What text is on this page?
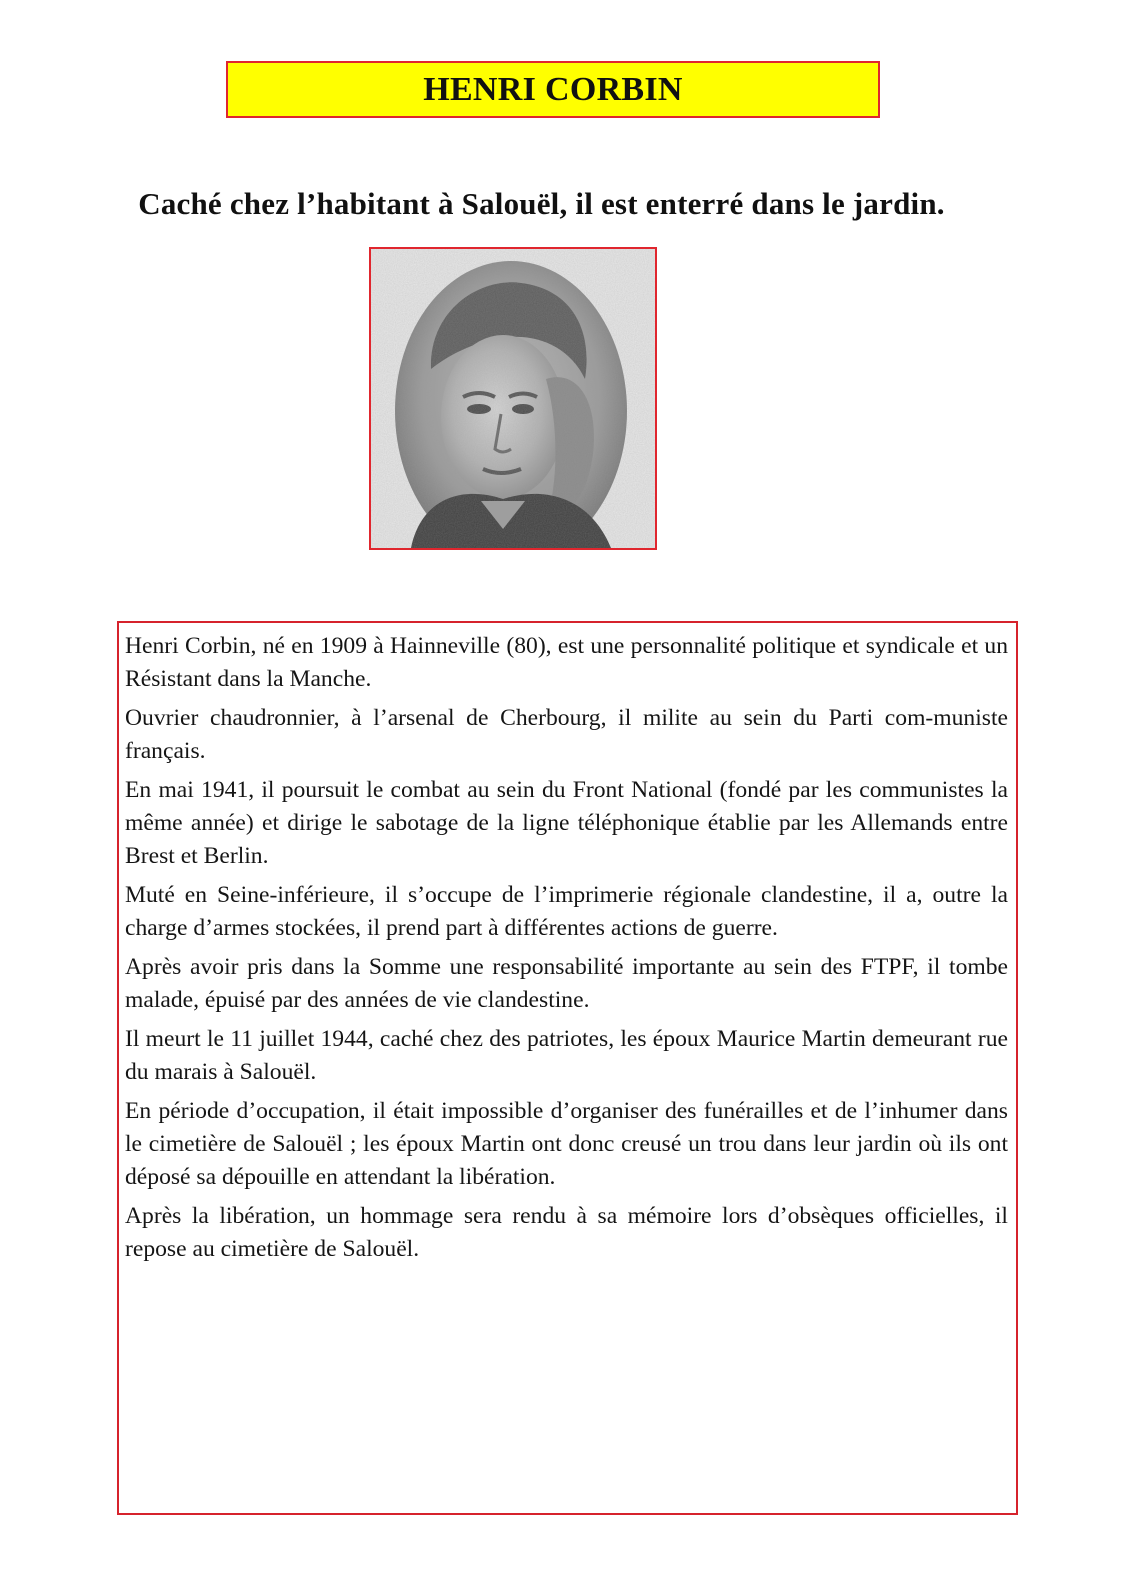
HENRI CORBIN
Caché chez l’habitant à Salouël, il est enterré dans le jardin.

Henri Corbin, né en 1909 à Hainneville (80), est une personnalité politique et syndicale et un Résistant dans la Manche.

Ouvrier chaudronnier, à l’arsenal de Cherbourg, il milite au sein du Parti com-muniste français.

En mai 1941, il poursuit le combat au sein du Front National (fondé par les communistes la même année) et dirige le sabotage de la ligne téléphonique établie par les Allemands entre Brest et Berlin.

Muté en Seine-inférieure, il s’occupe de l’imprimerie régionale clandestine, il a, outre la charge d’armes stockées, il prend part à différentes actions de guerre.

Après avoir pris dans la Somme une responsabilité importante au sein des FTPF, il tombe malade, épuisé par des années de vie clandestine.

Il meurt le 11 juillet 1944, caché chez des patriotes, les époux Maurice Martin demeurant rue du marais à Salouël.

En période d’occupation, il était impossible d’organiser des funérailles et de l’inhumer dans le cimetière de Salouël ; les époux Martin ont donc creusé un trou dans leur jardin où ils ont déposé sa dépouille en attendant la libération.

Après la libération, un hommage sera rendu à sa mémoire lors d’obsèques officielles, il repose au cimetière de Salouël.
